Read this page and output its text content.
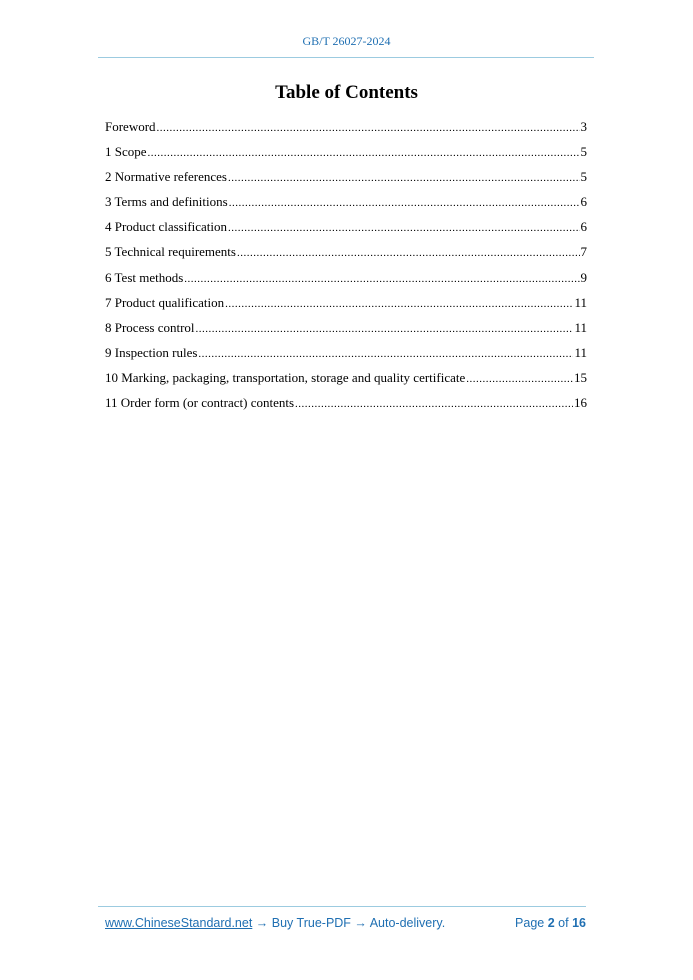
GB/T 26027-2024
Table of Contents
Foreword .....	3
1 Scope .....	5
2 Normative references .....	5
3 Terms and definitions .....	6
4 Product classification .....	6
5 Technical requirements .....	7
6 Test methods .....	9
7 Product qualification .....	11
8 Process control .....	11
9 Inspection rules .....	11
10 Marking, packaging, transportation, storage and quality certificate .....	15
11 Order form (or contract) contents .....	16
www.ChineseStandard.net → Buy True-PDF → Auto-delivery.	Page 2 of 16
